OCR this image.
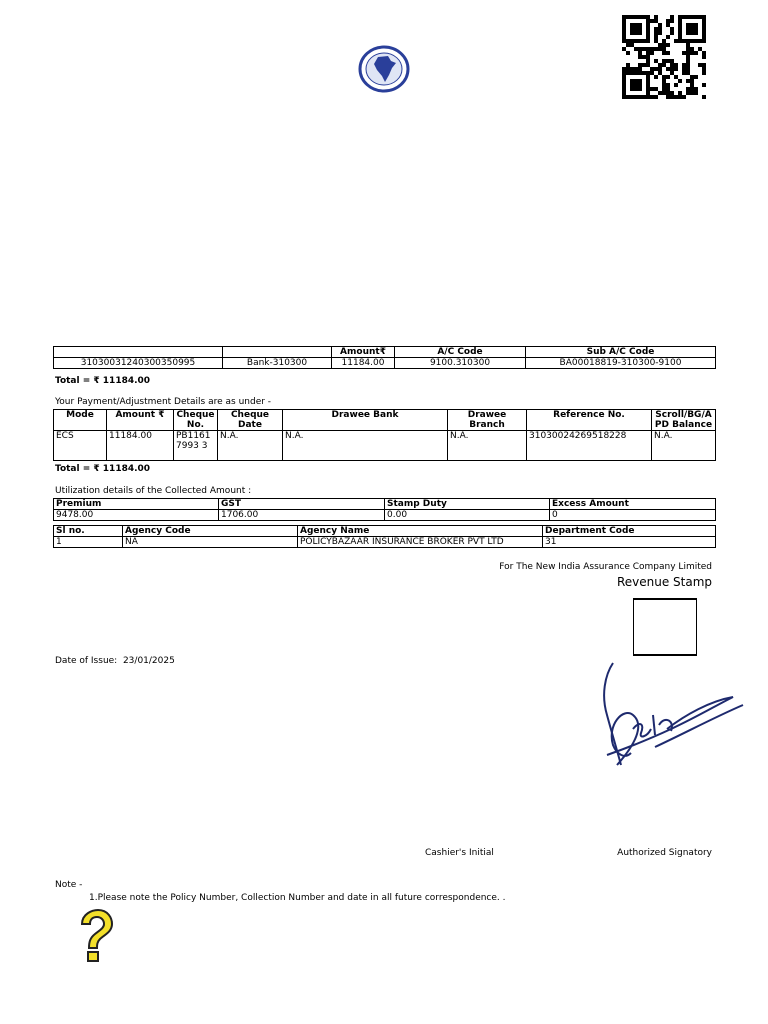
		Amount₹	A/C Code	Sub A/C Code
31030031240300350995	Bank-310300	11184.00	9100.310300	BA00018819-310300-9100
Total = ₹ 11184.00
Your Payment/Adjustment Details are as under -
Mode	Amount ₹	Cheque No.	Cheque Date	Drawee Bank	Drawee Branch	Reference No.	Scroll/BG/A PD Balance
ECS	11184.00	PB11617993 3	N.A.	N.A.	N.A.	31030024269518228	N.A.
Total = ₹ 11184.00
Utilization details of the Collected Amount :
Premium	GST	Stamp Duty	Excess Amount
9478.00	1706.00	0.00	0
Sl no.	Agency Code	Agency Name	Department Code
1	NA	POLICYBAZAAR INSURANCE BROKER PVT LTD	31
For The New India Assurance Company Limited
Revenue Stamp
Date of Issue: 23/01/2025
Cashier's Initial	Authorized Signatory
Note -
1.Please note the Policy Number, Collection Number and date in all future correspondence. .
